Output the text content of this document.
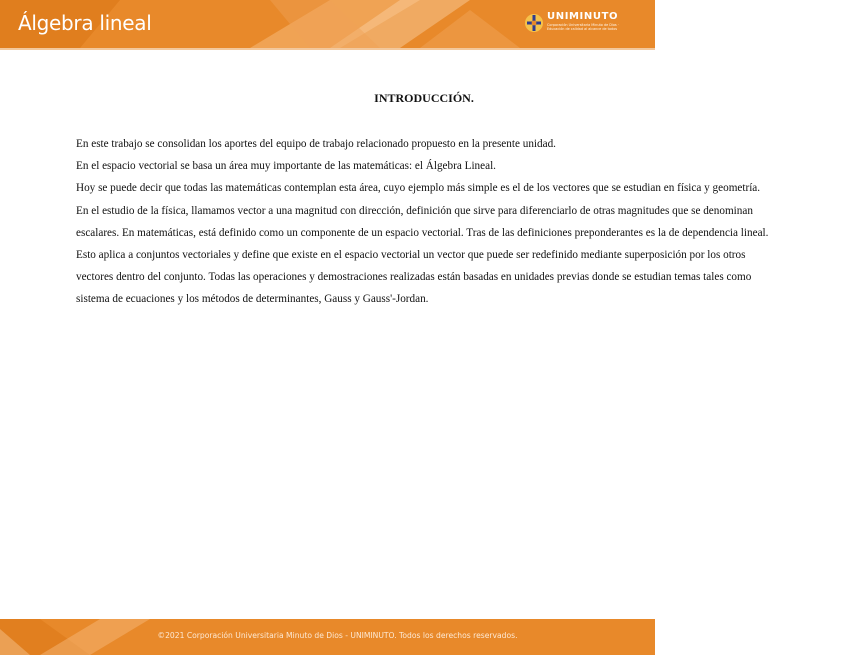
Álgebra lineal	UNIMINUTO
Corporación Universitaria Minuto de Dios · Educación de calidad al alcance de todos
INTRODUCCIÓN.

En este trabajo se consolidan los aportes del equipo de trabajo relacionado propuesto en la presente unidad.

En el espacio vectorial se basa un área muy importante de las matemáticas: el Álgebra Lineal.

Hoy se puede decir que todas las matemáticas contemplan esta área, cuyo ejemplo más simple es el de los vectores que se estudian en física y geometría.

En el estudio de la física, llamamos vector a una magnitud con dirección, definición que sirve para diferenciarlo de otras magnitudes que se denominan escalares. En matemáticas, está definido como un componente de un espacio vectorial. Tras de las definiciones preponderantes es la de dependencia lineal. Esto aplica a conjuntos vectoriales y define que existe en el espacio vectorial un vector que puede ser redefinido mediante superposición por los otros vectores dentro del conjunto. Todas las operaciones y demostraciones realizadas están basadas en unidades previas donde se estudian temas tales como sistema de ecuaciones y los métodos de determinantes, Gauss y Gauss'-Jordan.

©2021 Corporación Universitaria Minuto de Dios - UNIMINUTO. Todos los derechos reservados.
